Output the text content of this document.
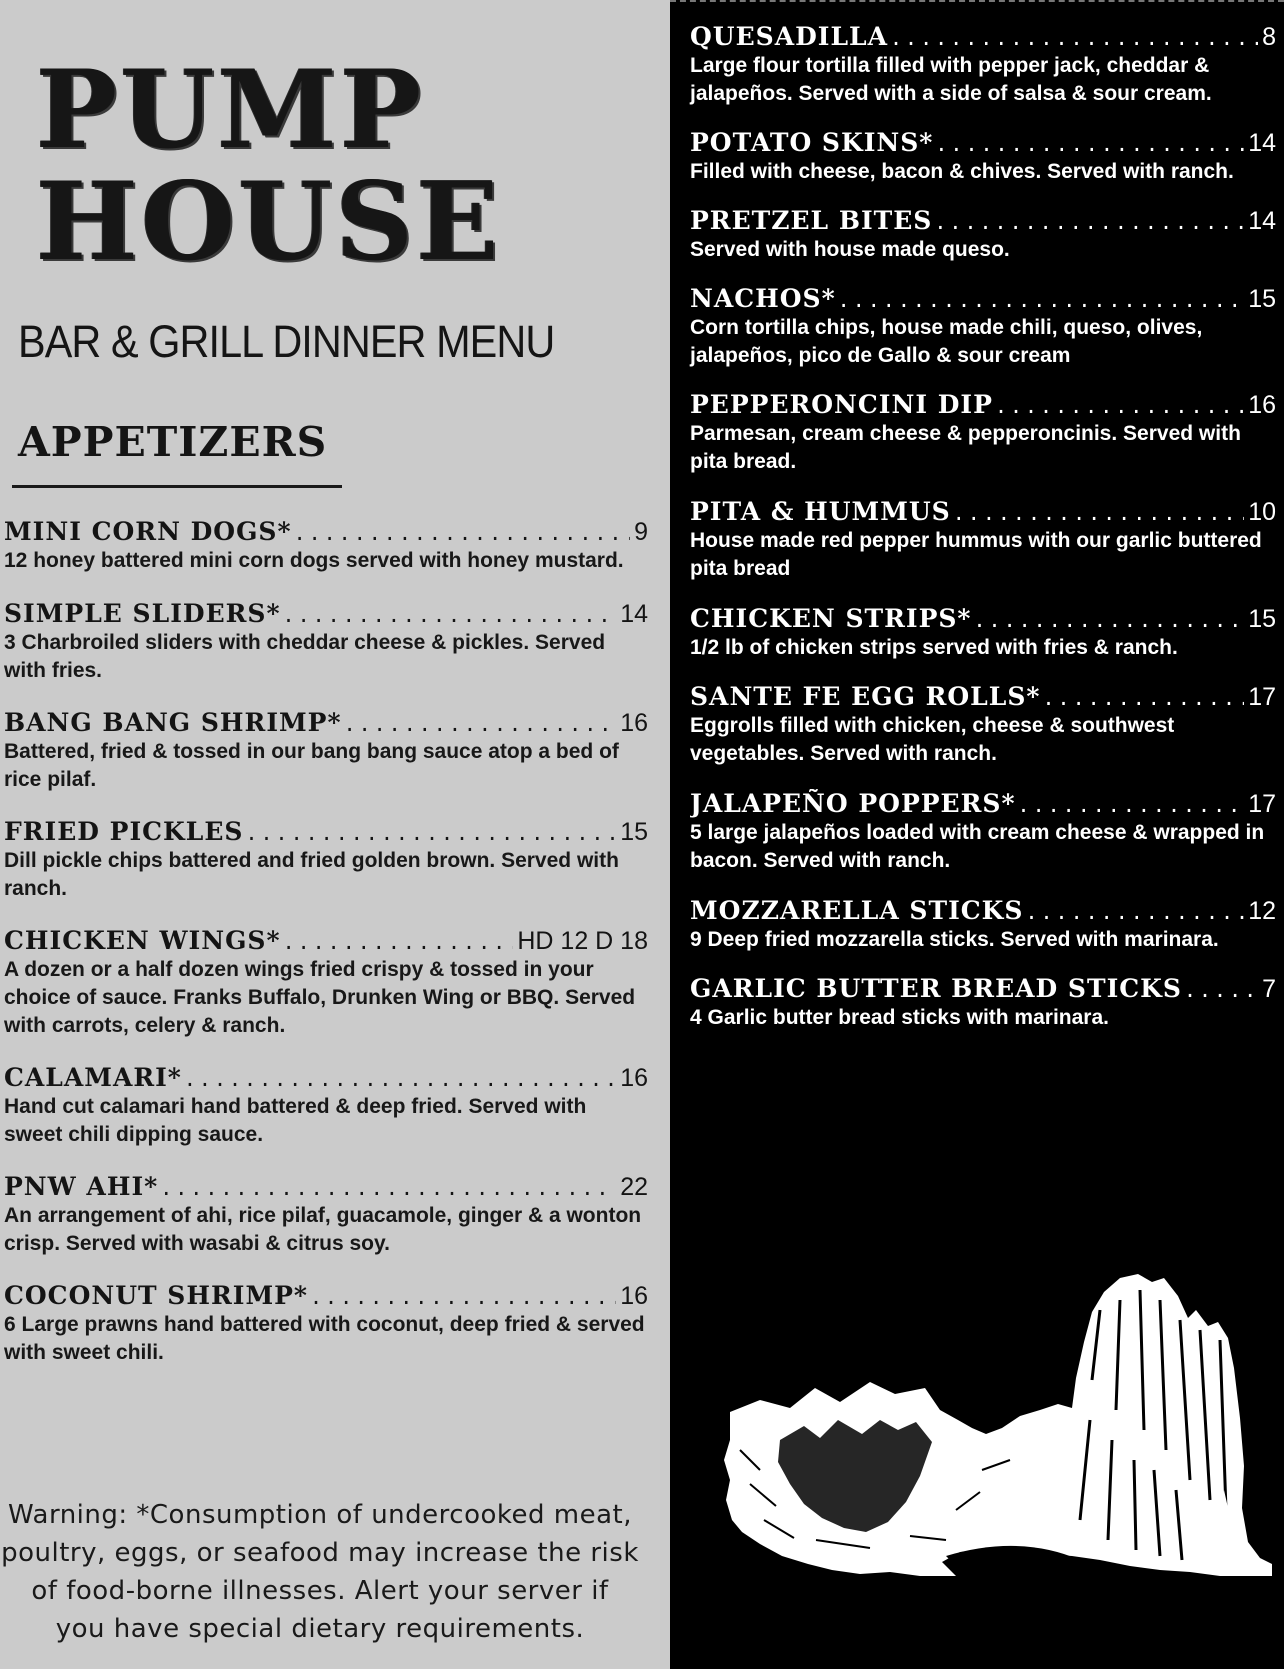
PUMP
HOUSE
BAR & GRILL DINNER MENU
APPETIZERS
MINI CORN DOGS* .....	9
12 honey battered mini corn dogs served with honey mustard.
SIMPLE SLIDERS* .....	14
3 Charbroiled sliders with cheddar cheese & pickles. Served with fries.
BANG BANG SHRIMP* .....	16
Battered, fried & tossed in our bang bang sauce atop a bed of rice pilaf.
FRIED PICKLES .....	15
Dill pickle chips battered and fried golden brown. Served with ranch.
CHICKEN WINGS* .....	HD 12 D 18
A dozen or a half dozen wings fried crispy & tossed in your choice of sauce. Franks Buffalo, Drunken Wing or BBQ. Served with carrots, celery & ranch.
CALAMARI* .....	16
Hand cut calamari hand battered & deep fried. Served with sweet chili dipping sauce.
PNW AHI* .....	22
An arrangement of ahi, rice pilaf, guacamole, ginger & a wonton crisp. Served with wasabi & citrus soy.
COCONUT SHRIMP* .....	16
6 Large prawns hand battered with coconut, deep fried & served with sweet chili.
Warning: *Consumption of undercooked meat,
poultry, eggs, or seafood may increase the risk
of food-borne illnesses. Alert your server if
you have special dietary requirements.
QUESADILLA .....	8
Large flour tortilla filled with pepper jack, cheddar & jalapeños. Served with a side of salsa & sour cream.
POTATO SKINS* .....	14
Filled with cheese, bacon & chives. Served with ranch.
PRETZEL BITES .....	14
Served with house made queso.
NACHOS* .....	15
Corn tortilla chips, house made chili, queso, olives, jalapeños, pico de Gallo & sour cream
PEPPERONCINI DIP .....	16
Parmesan, cream cheese & pepperoncinis. Served with pita bread.
PITA & HUMMUS .....	10
House made red pepper hummus with our garlic buttered pita bread
CHICKEN STRIPS* .....	15
1/2 lb of chicken strips served with fries & ranch.
SANTE FE EGG ROLLS* .....	17
Eggrolls filled with chicken, cheese & southwest vegetables. Served with ranch.
JALAPEÑO POPPERS* .....	17
5 large jalapeños loaded with cream cheese & wrapped in bacon. Served with ranch.
MOZZARELLA STICKS .....	12
9 Deep fried mozzarella sticks. Served with marinara.
GARLIC BUTTER BREAD STICKS .....	7
4 Garlic butter bread sticks with marinara.
